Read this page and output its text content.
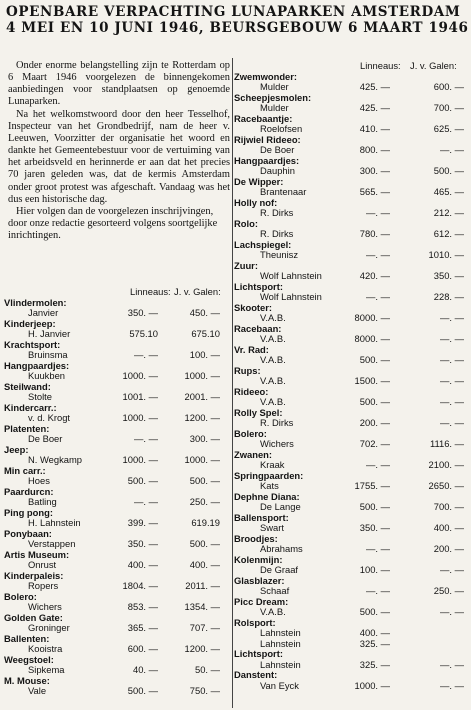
OPENBARE VERPACHTING LUNAPARKEN AMSTERDAM
4 MEI EN 10 JUNI 1946, BEURSGEBOUW 6 MAART 1946

Onder enorme belangstelling zijn te Rotterdam op 6 Maart 1946 voorgelezen de binnengekomen aanbiedingen voor standplaatsen op genoemde Lunaparken.

Na het welkomstwoord door den heer Tesselhof, Inspecteur van het Grondbedrijf, nam de heer v. Leeuwen, Voorzitter der organisatie het woord en dankte het Gemeentebestuur voor de vertuiming van het arbeidsveld en herinnerde er aan dat het precies 70 jaren geleden was, dat de kermis Amsterdam onder groot protest was afgeschaft. Vandaag was het dus een historische dag.

Hier volgen dan de voorgelezen inschrijvingen, door onze redactie gesorteerd volgens soortgelijke inrichtingen.

Linneaus: J. v. Galen:
Vlindermolen:
Janvier	350. —	450. —
Kinderjeep:
H. Janvier	575.10	675.10
Krachtsport:
Bruinsma	—. —	100. —
Hangpaardjes:
Kuukben	1000. —	1000. —
Steilwand:
Stolte	1001. —	2001. —
Kindercarr.:
v. d. Krogt	1000. —	1200. —
Platenten:
De Boer	—. —	300. —
Jeep:
N. Wegkamp	1000. —	1000. —
Min carr.:
Hoes	500. —	500. —
Paardurcn:
Batling	—. —	250. —
Ping pong:
H. Lahnstein	399. —	619.19
Ponybaan:
Verstappen	350. —	500. —
Artis Museum:
Onrust	400. —	400. —
Kinderpaleis:
Ropers	1804. —	2011. —
Bolero:
Wichers	853. —	1354. —
Golden Gate:
Groninger	365. —	707. —
Ballenten:
Kooistra	600. —	1200. —
Weegstoel:
Sipkema	40. —	50. —
M. Mouse:
Vale	500. —	750. —
Linneaus: J. v. Galen:
Zwemwonder:
Mulder	425. —	600. —
Scheepjesmolen:
Mulder	425. —	700. —
Racebaantje:
Roelofsen	410. —	625. —
Rijwiel Rideeo:
De Boer	800. —	—. —
Hangpaardjes:
Dauphin	300. —	500. —
De Wipper:
Brantenaar	565. —	465. —
Holly nof:
R. Dirks	—. —	212. —
Rolo:
R. Dirks	780. —	612. —
Lachspiegel:
Theunisz	—. —	1010. —
Zuur:
Wolf Lahnstein	420. —	350. —
Lichtsport:
Wolf Lahnstein	—. —	228. —
Skooter:
V.A.B.	8000. —	—. —
Racebaan:
V.A.B.	8000. —	—. —
Vr. Rad:
V.A.B.	500. —	—. —
Rups:
V.A.B.	1500. —	—. —
Rideeo:
V.A.B.	500. —	—. —
Rolly Spel:
R. Dirks	200. —	—. —
Bolero:
Wichers	702. —	1116. —
Zwanen:
Kraak	—. —	2100. —
Springpaarden:
Kats	1755. —	2650. —
Dephne Diana:
De Lange	500. —	700. —
Ballensport:
Swart	350. —	400. —
Broodjes:
Abrahams	—. —	200. —
Kolenmijn:
De Graaf	100. —	—. —
Glasblazer:
Schaaf	—. —	250. —
Picc Dream:
V.A.B.	500. —	—. —
Rolsport:
Lahnstein	400. —
Lahnstein	325. —
Lichtsport:
Lahnstein	325. —	—. —
Danstent:
Van Eyck	1000. —	—. —
